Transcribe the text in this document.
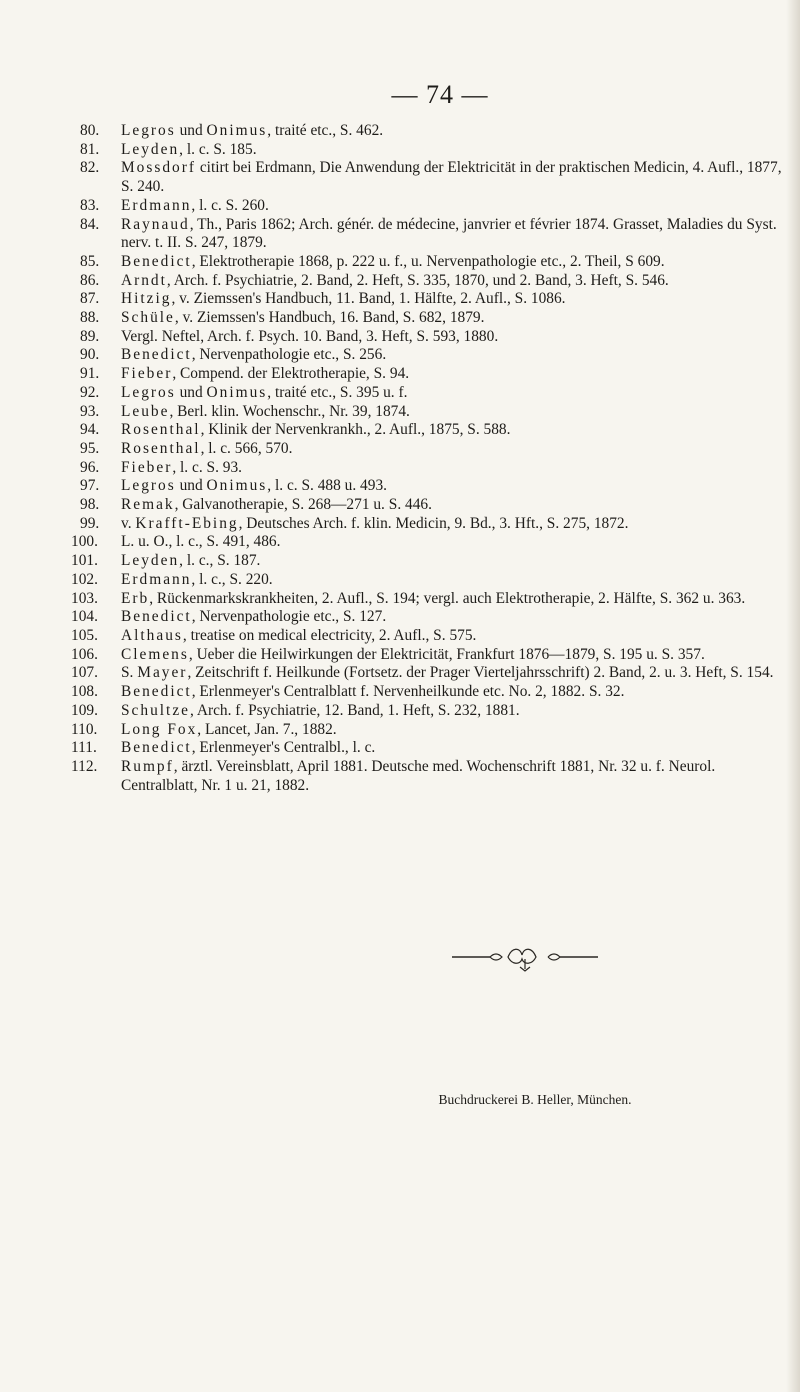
— 74 —
80. Legros und Onimus, traité etc., S. 462.
81. Leyden, l. c. S. 185.
82. Mossdorf citirt bei Erdmann, Die Anwendung der Elektricität in der praktischen Medicin, 4. Aufl., 1877, S. 240.
83. Erdmann, l. c. S. 260.
84. Raynaud, Th., Paris 1862; Arch. génér. de médecine, janvrier et février 1874. Grasset, Maladies du Syst. nerv. t. II. S. 247, 1879.
85. Benedict, Elektrotherapie 1868, p. 222 u. f., u. Nervenpathologie etc., 2. Theil, S 609.
86. Arndt, Arch. f. Psychiatrie, 2. Band, 2. Heft, S. 335, 1870, und 2. Band, 3. Heft, S. 546.
87. Hitzig, v. Ziemssen's Handbuch, 11. Band, 1. Hälfte, 2. Aufl., S. 1086.
88. Schüle, v. Ziemssen's Handbuch, 16. Band, S. 682, 1879.
89. Vergl. Neftel, Arch. f. Psych. 10. Band, 3. Heft, S. 593, 1880.
90. Benedict, Nervenpathologie etc., S. 256.
91. Fieber, Compend. der Elektrotherapie, S. 94.
92. Legros und Onimus, traité etc., S. 395 u. f.
93. Leube, Berl. klin. Wochenschr., Nr. 39, 1874.
94. Rosenthal, Klinik der Nervenkrankh., 2. Aufl., 1875, S. 588.
95. Rosenthal, l. c. 566, 570.
96. Fieber, l. c. S. 93.
97. Legros und Onimus, l. c. S. 488 u. 493.
98. Remak, Galvanotherapie, S. 268—271 u. S. 446.
99. v. Krafft-Ebing, Deutsches Arch. f. klin. Medicin, 9. Bd., 3. Hft., S. 275, 1872.
100. L. u. O., l. c., S. 491, 486.
101. Leyden, l. c., S. 187.
102. Erdmann, l. c., S. 220.
103. Erb, Rückenmarkskrankheiten, 2. Aufl., S. 194; vergl. auch Elektrotherapie, 2. Hälfte, S. 362 u. 363.
104. Benedict, Nervenpathologie etc., S. 127.
105. Althaus, treatise on medical electricity, 2. Aufl., S. 575.
106. Clemens, Ueber die Heilwirkungen der Elektricität, Frankfurt 1876—1879, S. 195 u. S. 357.
107. S. Mayer, Zeitschrift f. Heilkunde (Fortsetz. der Prager Vierteljahrsschrift) 2. Band, 2. u. 3. Heft, S. 154.
108. Benedict, Erlenmeyer's Centralblatt f. Nervenheilkunde etc. No. 2, 1882. S. 32.
109. Schultze, Arch. f. Psychiatrie, 12. Band, 1. Heft, S. 232, 1881.
110. Long Fox, Lancet, Jan. 7., 1882.
111. Benedict, Erlenmeyer's Centralbl., l. c.
112. Rumpf, ärztl. Vereinsblatt, April 1881. Deutsche med. Wochenschrift 1881, Nr. 32 u. f. Neurol. Centralblatt, Nr. 1 u. 21, 1882.
Buchdruckerei B. Heller, München.
